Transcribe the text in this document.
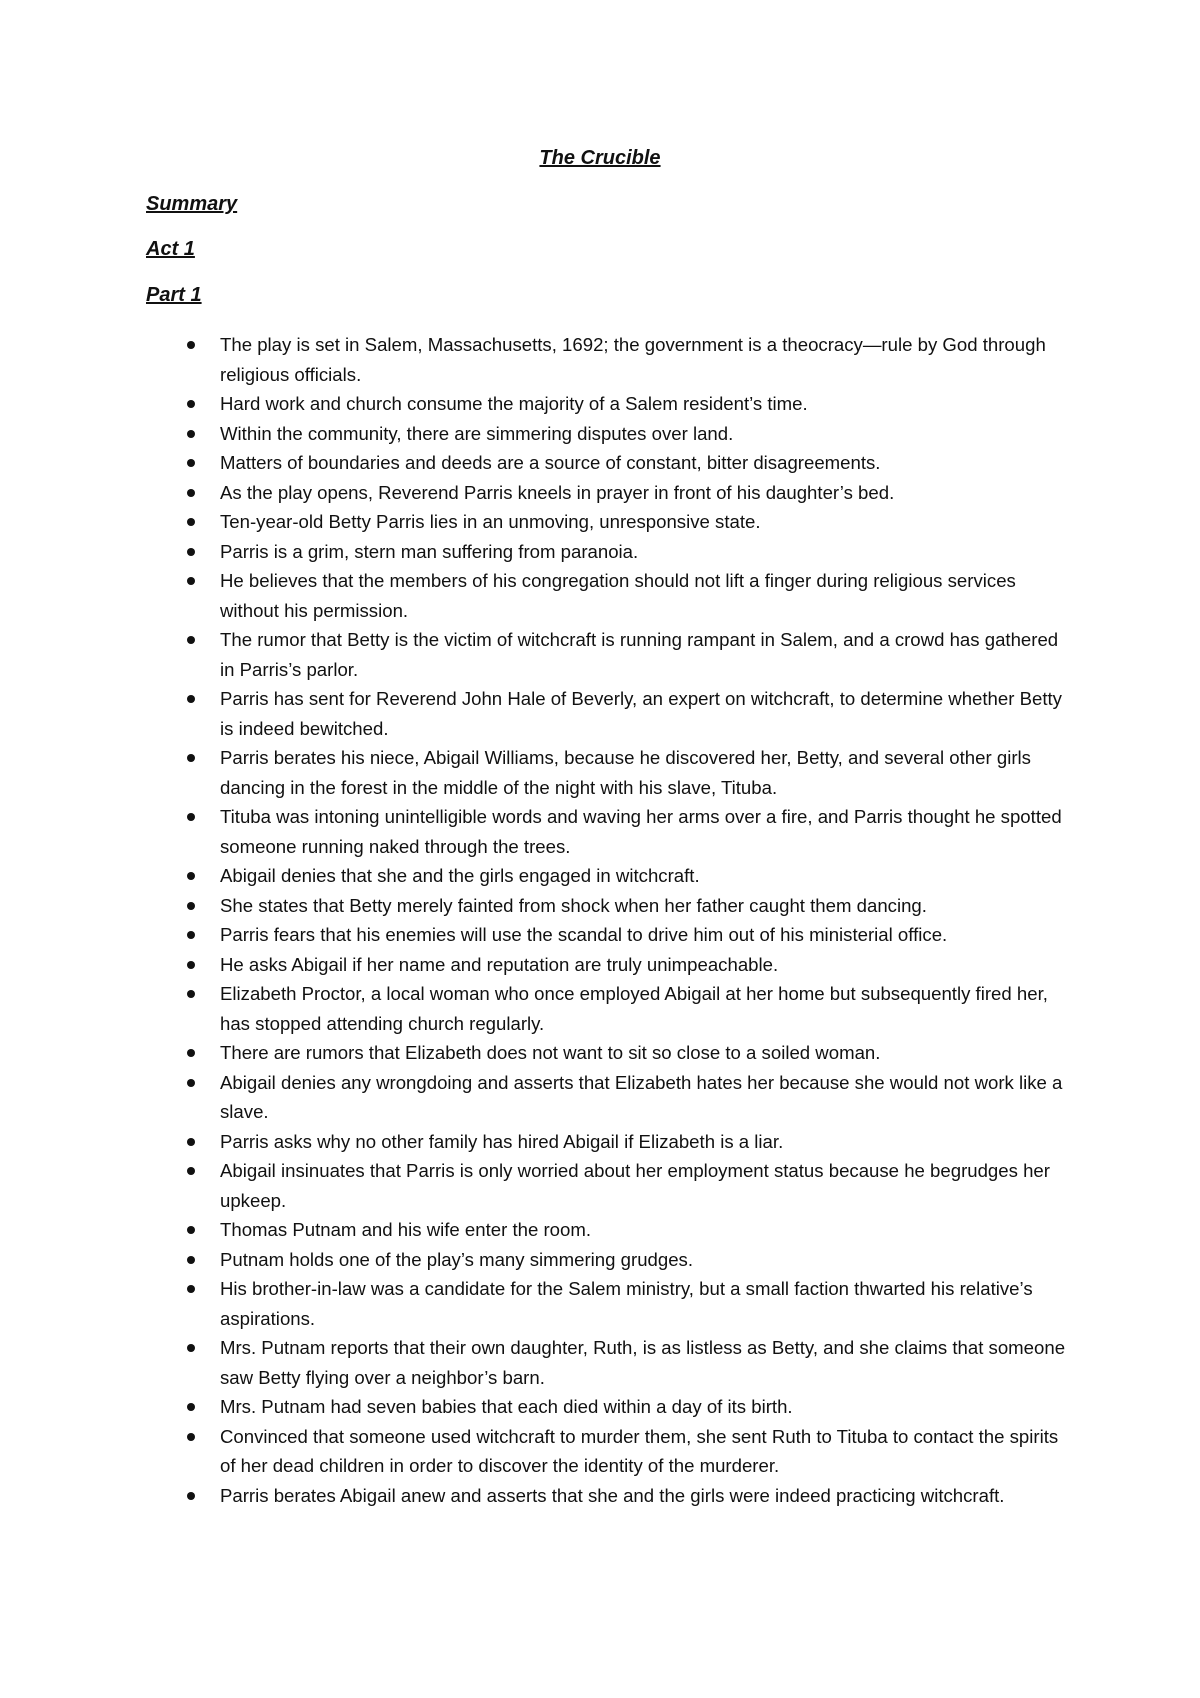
The Crucible
Summary
Act 1
Part 1
The play is set in Salem, Massachusetts, 1692; the government is a theocracy—rule by God through religious officials.
Hard work and church consume the majority of a Salem resident’s time.
Within the community, there are simmering disputes over land.
Matters of boundaries and deeds are a source of constant, bitter disagreements.
As the play opens, Reverend Parris kneels in prayer in front of his daughter’s bed.
Ten-year-old Betty Parris lies in an unmoving, unresponsive state.
Parris is a grim, stern man suffering from paranoia.
He believes that the members of his congregation should not lift a finger during religious services without his permission.
The rumor that Betty is the victim of witchcraft is running rampant in Salem, and a crowd has gathered in Parris’s parlor.
Parris has sent for Reverend John Hale of Beverly, an expert on witchcraft, to determine whether Betty is indeed bewitched.
Parris berates his niece, Abigail Williams, because he discovered her, Betty, and several other girls dancing in the forest in the middle of the night with his slave, Tituba.
Tituba was intoning unintelligible words and waving her arms over a fire, and Parris thought he spotted someone running naked through the trees.
Abigail denies that she and the girls engaged in witchcraft.
She states that Betty merely fainted from shock when her father caught them dancing.
Parris fears that his enemies will use the scandal to drive him out of his ministerial office.
He asks Abigail if her name and reputation are truly unimpeachable.
Elizabeth Proctor, a local woman who once employed Abigail at her home but subsequently fired her, has stopped attending church regularly.
There are rumors that Elizabeth does not want to sit so close to a soiled woman.
Abigail denies any wrongdoing and asserts that Elizabeth hates her because she would not work like a slave.
Parris asks why no other family has hired Abigail if Elizabeth is a liar.
Abigail insinuates that Parris is only worried about her employment status because he begrudges her upkeep.
Thomas Putnam and his wife enter the room.
Putnam holds one of the play’s many simmering grudges.
His brother-in-law was a candidate for the Salem ministry, but a small faction thwarted his relative’s aspirations.
Mrs. Putnam reports that their own daughter, Ruth, is as listless as Betty, and she claims that someone saw Betty flying over a neighbor’s barn.
Mrs. Putnam had seven babies that each died within a day of its birth.
Convinced that someone used witchcraft to murder them, she sent Ruth to Tituba to contact the spirits of her dead children in order to discover the identity of the murderer.
Parris berates Abigail anew and asserts that she and the girls were indeed practicing witchcraft.
